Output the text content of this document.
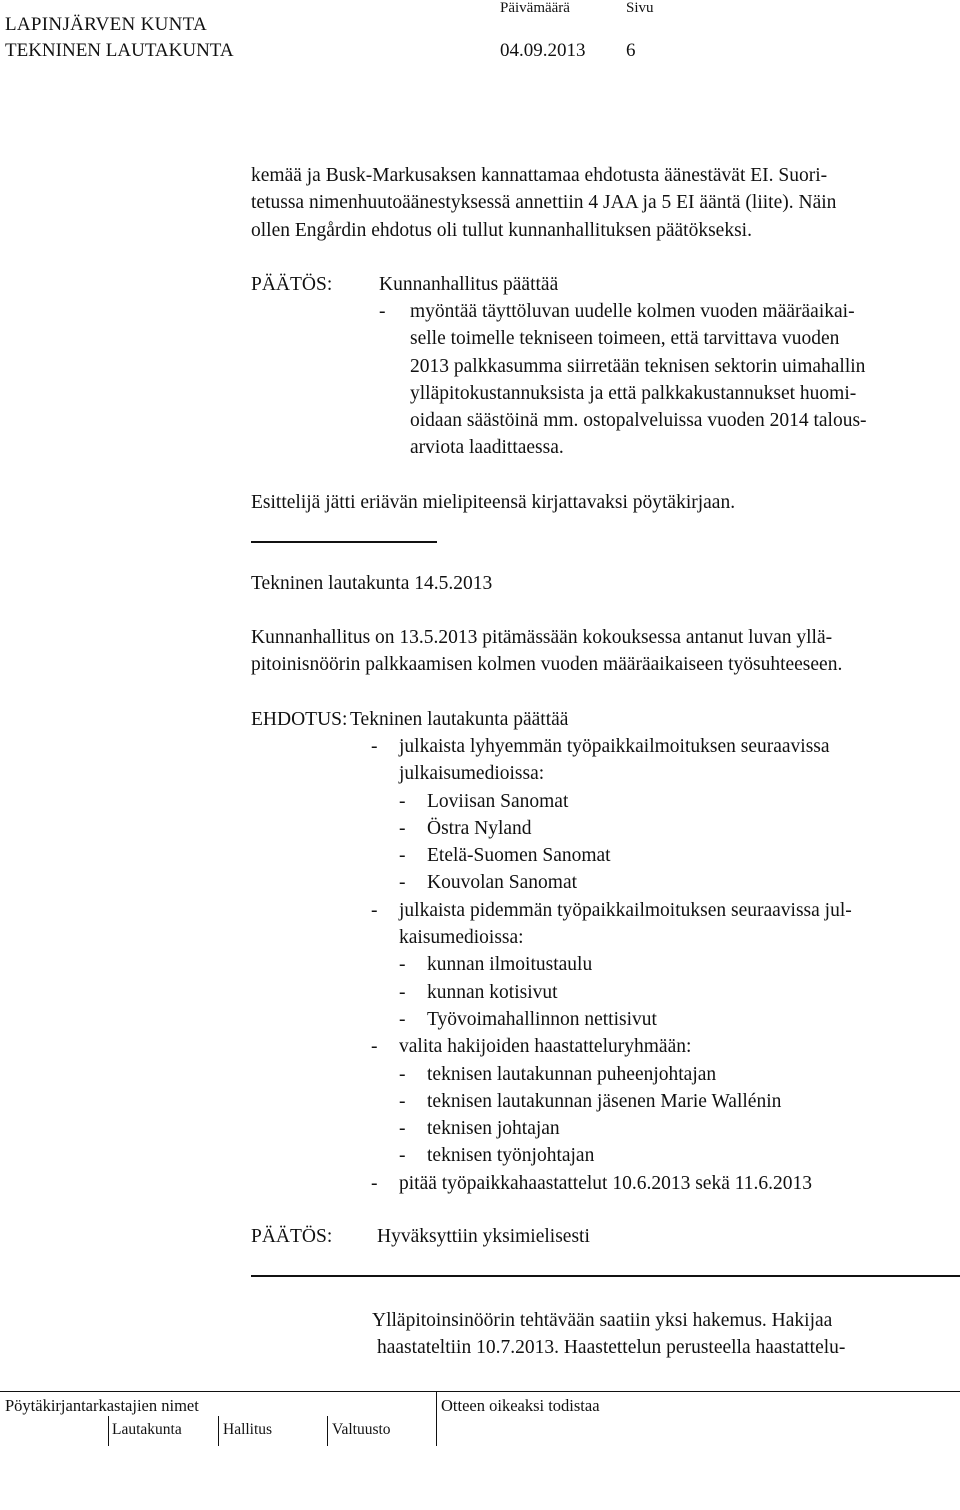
LAPINJÄRVEN KUNTA
TEKNINEN LAUTAKUNTA
Päivämäärä	Sivu
04.09.2013 6
kemää ja Busk-Markusaksen kannattamaa ehdotusta äänestävät EI. Suori-
tetussa nimenhuutoäänestyksessä annettiin 4 JAA ja 5 EI ääntä (liite). Näin
ollen Engårdin ehdotus oli tullut kunnanhallituksen päätökseksi.
PÄÄTÖS: Kunnanhallitus päättää
- myöntää täyttöluvan uudelle kolmen vuoden määräaikai-
selle toimelle tekniseen toimeen, että tarvittava vuoden
2013 palkkasumma siirretään teknisen sektorin uimahallin
ylläpitokustannuksista ja että palkkakustannukset huomi-
oidaan säästöinä mm. ostopalveluissa vuoden 2014 talous-
arviota laadittaessa.
Esittelijä jätti eriävän mielipiteensä kirjattavaksi pöytäkirjaan.
Tekninen lautakunta 14.5.2013
Kunnanhallitus on 13.5.2013 pitämässään kokouksessa antanut luvan yllä-
pitoinisnöörin palkkaamisen kolmen vuoden määräaikaiseen työsuhteeseen.
EHDOTUS: Tekninen lautakunta päättää
- julkaista lyhyemmän työpaikkailmoituksen seuraavissa
julkaisumedioissa:
- Loviisan Sanomat
- Östra Nyland
- Etelä-Suomen Sanomat
- Kouvolan Sanomat
- julkaista pidemmän työpaikkailmoituksen seuraavissa jul-
kaisumedioissa:
- kunnan ilmoitustaulu
- kunnan kotisivut
- Työvoimahallinnon nettisivut
- valita hakijoiden haastatteluryhmään:
- teknisen lautakunnan puheenjohtajan
- teknisen lautakunnan jäsenen Marie Wallénin
- teknisen johtajan
- teknisen työnjohtajan
- pitää työpaikkahaastattelut 10.6.2013 sekä 11.6.2013
PÄÄTÖS: Hyväksyttiin yksimielisesti
Ylläpitoinsinöörin tehtävään saatiin yksi hakemus. Hakijaa
haastateltiin 10.7.2013. Haastettelun perusteella haastattelu-
Pöytäkirjantarkastajien nimet	Otteen oikeaksi todistaa
Lautakunta	Hallitus	Valtuusto
